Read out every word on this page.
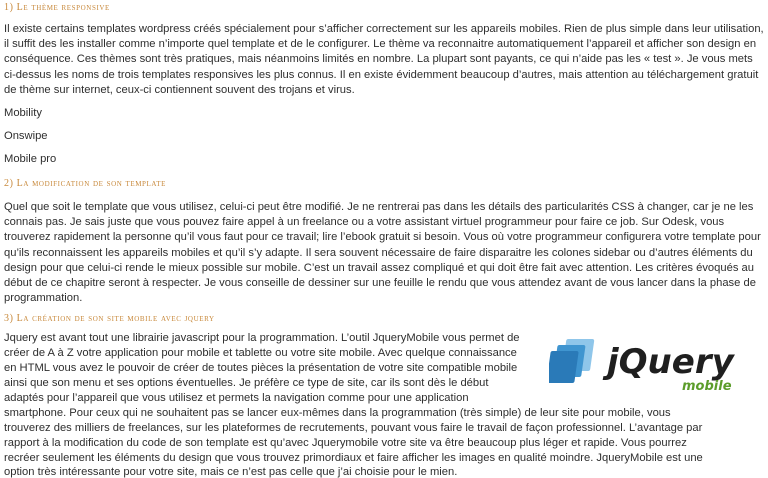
1) Le thème responsive

Il existe certains templates wordpress créés spécialement pour s’afficher correctement sur les appareils mobiles. Rien de plus simple dans leur utilisation, il suffit des les installer comme n’importe quel template et de le configurer. Le thème va reconnaitre automatiquement l’appareil et afficher son design en conséquence. Ces thèmes sont très pratiques, mais néanmoins limités en nombre. La plupart sont payants, ce qui n’aide pas les « test ». Je vous mets ci-dessus les noms de trois templates responsives les plus connus. Il en existe évidemment beaucoup d’autres, mais attention au téléchargement gratuit de thème sur internet, ceux-ci contiennent souvent des trojans et virus.

Mobility
Onswipe
Mobile pro
2) La modification de son template

Quel que soit le template que vous utilisez, celui-ci peut être modifié. Je ne rentrerai pas dans les détails des particularités CSS à changer, car je ne les connais pas. Je sais juste que vous pouvez faire appel à un freelance ou a votre assistant virtuel programmeur pour faire ce job. Sur Odesk, vous trouverez rapidement la personne qu’il vous faut pour ce travail; lire l’ebook gratuit si besoin. Vous où votre programmeur configurera votre template pour qu’ils reconnaissent les appareils mobiles et qu’il s’y adapte. Il sera souvent nécessaire de faire disparaitre les colones sidebar ou d’autres éléments du design pour que celui-ci rende le mieux possible sur mobile. C’est un travail assez compliqué et qui doit être fait avec attention. Les critères évoqués au début de ce chapitre seront à respecter. Je vous conseille de dessiner sur une feuille le rendu que vous attendez avant de vous lancer dans la phase de programmation.

3) La création de son site mobile avec jquery
Jquery est avant tout une librairie javascript pour la programmation. L’outil JqueryMobile vous permet de
créer de A à Z votre application pour mobile et tablette ou votre site mobile. Avec quelque connaissance
en HTML vous avez le pouvoir de créer de toutes pièces la présentation de votre site compatible mobile
ainsi que son menu et ses options éventuelles. Je préfère ce type de site, car ils sont dès le début
adaptés pour l’appareil que vous utilisez et permets la navigation comme pour une application
smartphone. Pour ceux qui ne souhaitent pas se lancer eux-mêmes dans la programmation (très simple) de leur site pour mobile, vous
trouverez des milliers de freelances, sur les plateformes de recrutements, pouvant vous faire le travail de façon professionnel. L’avantage par
rapport à la modification du code de son template est qu’avec Jquerymobile votre site va être beaucoup plus léger et rapide. Vous pourrez
recréer seulement les éléments du design que vous trouvez primordiaux et faire afficher les images en qualité moindre. JqueryMobile est une
option très intéressante pour votre site, mais ce n’est pas celle que j’ai choisie pour le mien.
jQuery
mobile
